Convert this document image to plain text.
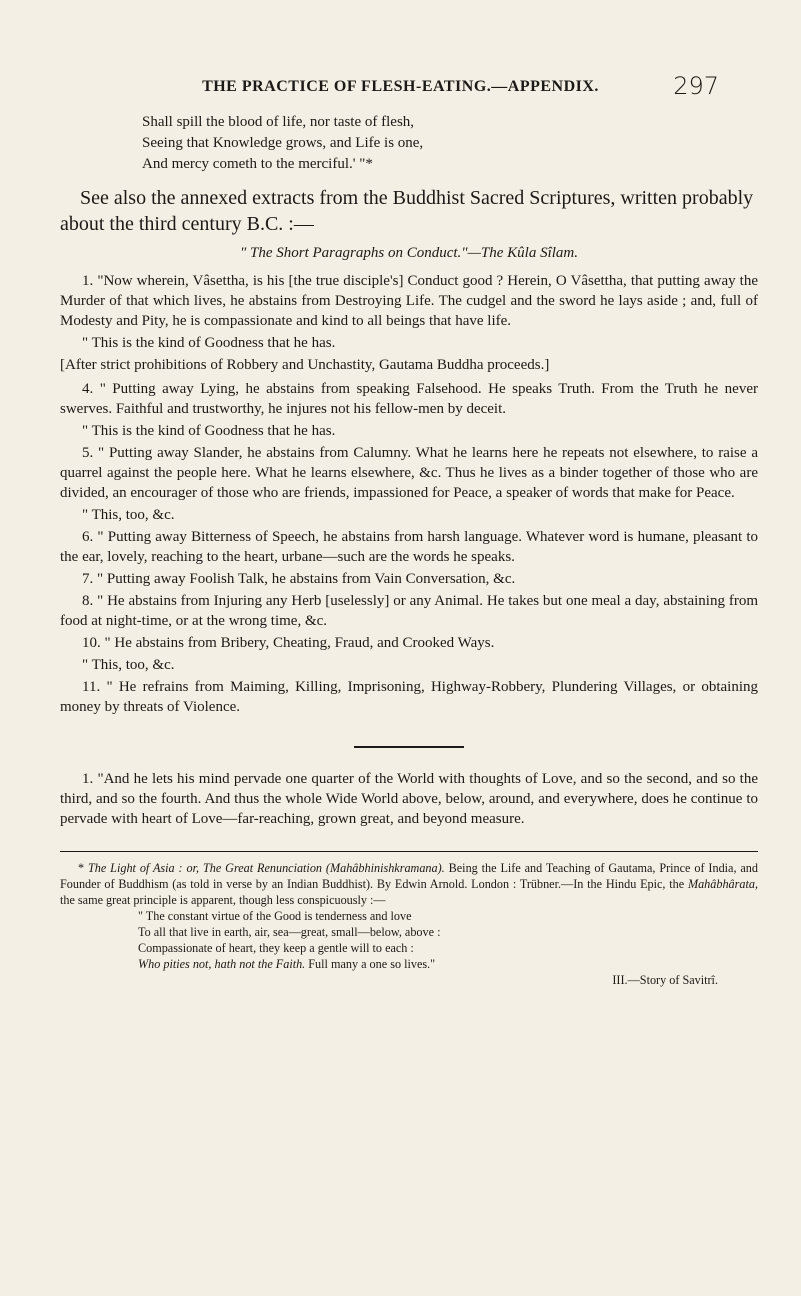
THE PRACTICE OF FLESH-EATING.—APPENDIX.	297
Shall spill the blood of life, nor taste of flesh,
Seeing that Knowledge grows, and Life is one,
And mercy cometh to the merciful.' "*
See also the annexed extracts from the Buddhist Sacred Scriptures, written probably about the third century B.C. :—
" The Short Paragraphs on Conduct."—The Kûla Sîlam.

1. "Now wherein, Vâsettha, is his [the true disciple's] Conduct good ? Herein, O Vâsettha, that putting away the Murder of that which lives, he abstains from Destroying Life. The cudgel and the sword he lays aside ; and, full of Modesty and Pity, he is compassionate and kind to all beings that have life.

" This is the kind of Goodness that he has.

[After strict prohibitions of Robbery and Unchastity, Gautama Buddha proceeds.]

4. " Putting away Lying, he abstains from speaking Falsehood. He speaks Truth. From the Truth he never swerves. Faithful and trustworthy, he injures not his fellow-men by deceit.

" This is the kind of Goodness that he has.

5. " Putting away Slander, he abstains from Calumny. What he learns here he repeats not elsewhere, to raise a quarrel against the people here. What he learns elsewhere, &c. Thus he lives as a binder together of those who are divided, an encourager of those who are friends, impassioned for Peace, a speaker of words that make for Peace.

" This, too, &c.

6. " Putting away Bitterness of Speech, he abstains from harsh language. Whatever word is humane, pleasant to the ear, lovely, reaching to the heart, urbane—such are the words he speaks.

7. " Putting away Foolish Talk, he abstains from Vain Conversation, &c.

8. " He abstains from Injuring any Herb [uselessly] or any Animal. He takes but one meal a day, abstaining from food at night-time, or at the wrong time, &c.

10. " He abstains from Bribery, Cheating, Fraud, and Crooked Ways.

" This, too, &c.

11. " He refrains from Maiming, Killing, Imprisoning, Highway-Robbery, Plundering Villages, or obtaining money by threats of Violence.

1. "And he lets his mind pervade one quarter of the World with thoughts of Love, and so the second, and so the third, and so the fourth. And thus the whole Wide World above, below, around, and everywhere, does he continue to pervade with heart of Love—far-reaching, grown great, and beyond measure.

* The Light of Asia : or, The Great Renunciation (Mahâbhinishkramana). Being the Life and Teaching of Gautama, Prince of India, and Founder of Buddhism (as told in verse by an Indian Buddhist). By Edwin Arnold. London : Trübner.—In the Hindu Epic, the Mahâbhârata, the same great principle is apparent, though less conspicuously :—

" The constant virtue of the Good is tenderness and love
To all that live in earth, air, sea—great, small—below, above :
Compassionate of heart, they keep a gentle will to each :
Who pities not, hath not the Faith. Full many a one so lives."
III.—Story of Savitrî.
